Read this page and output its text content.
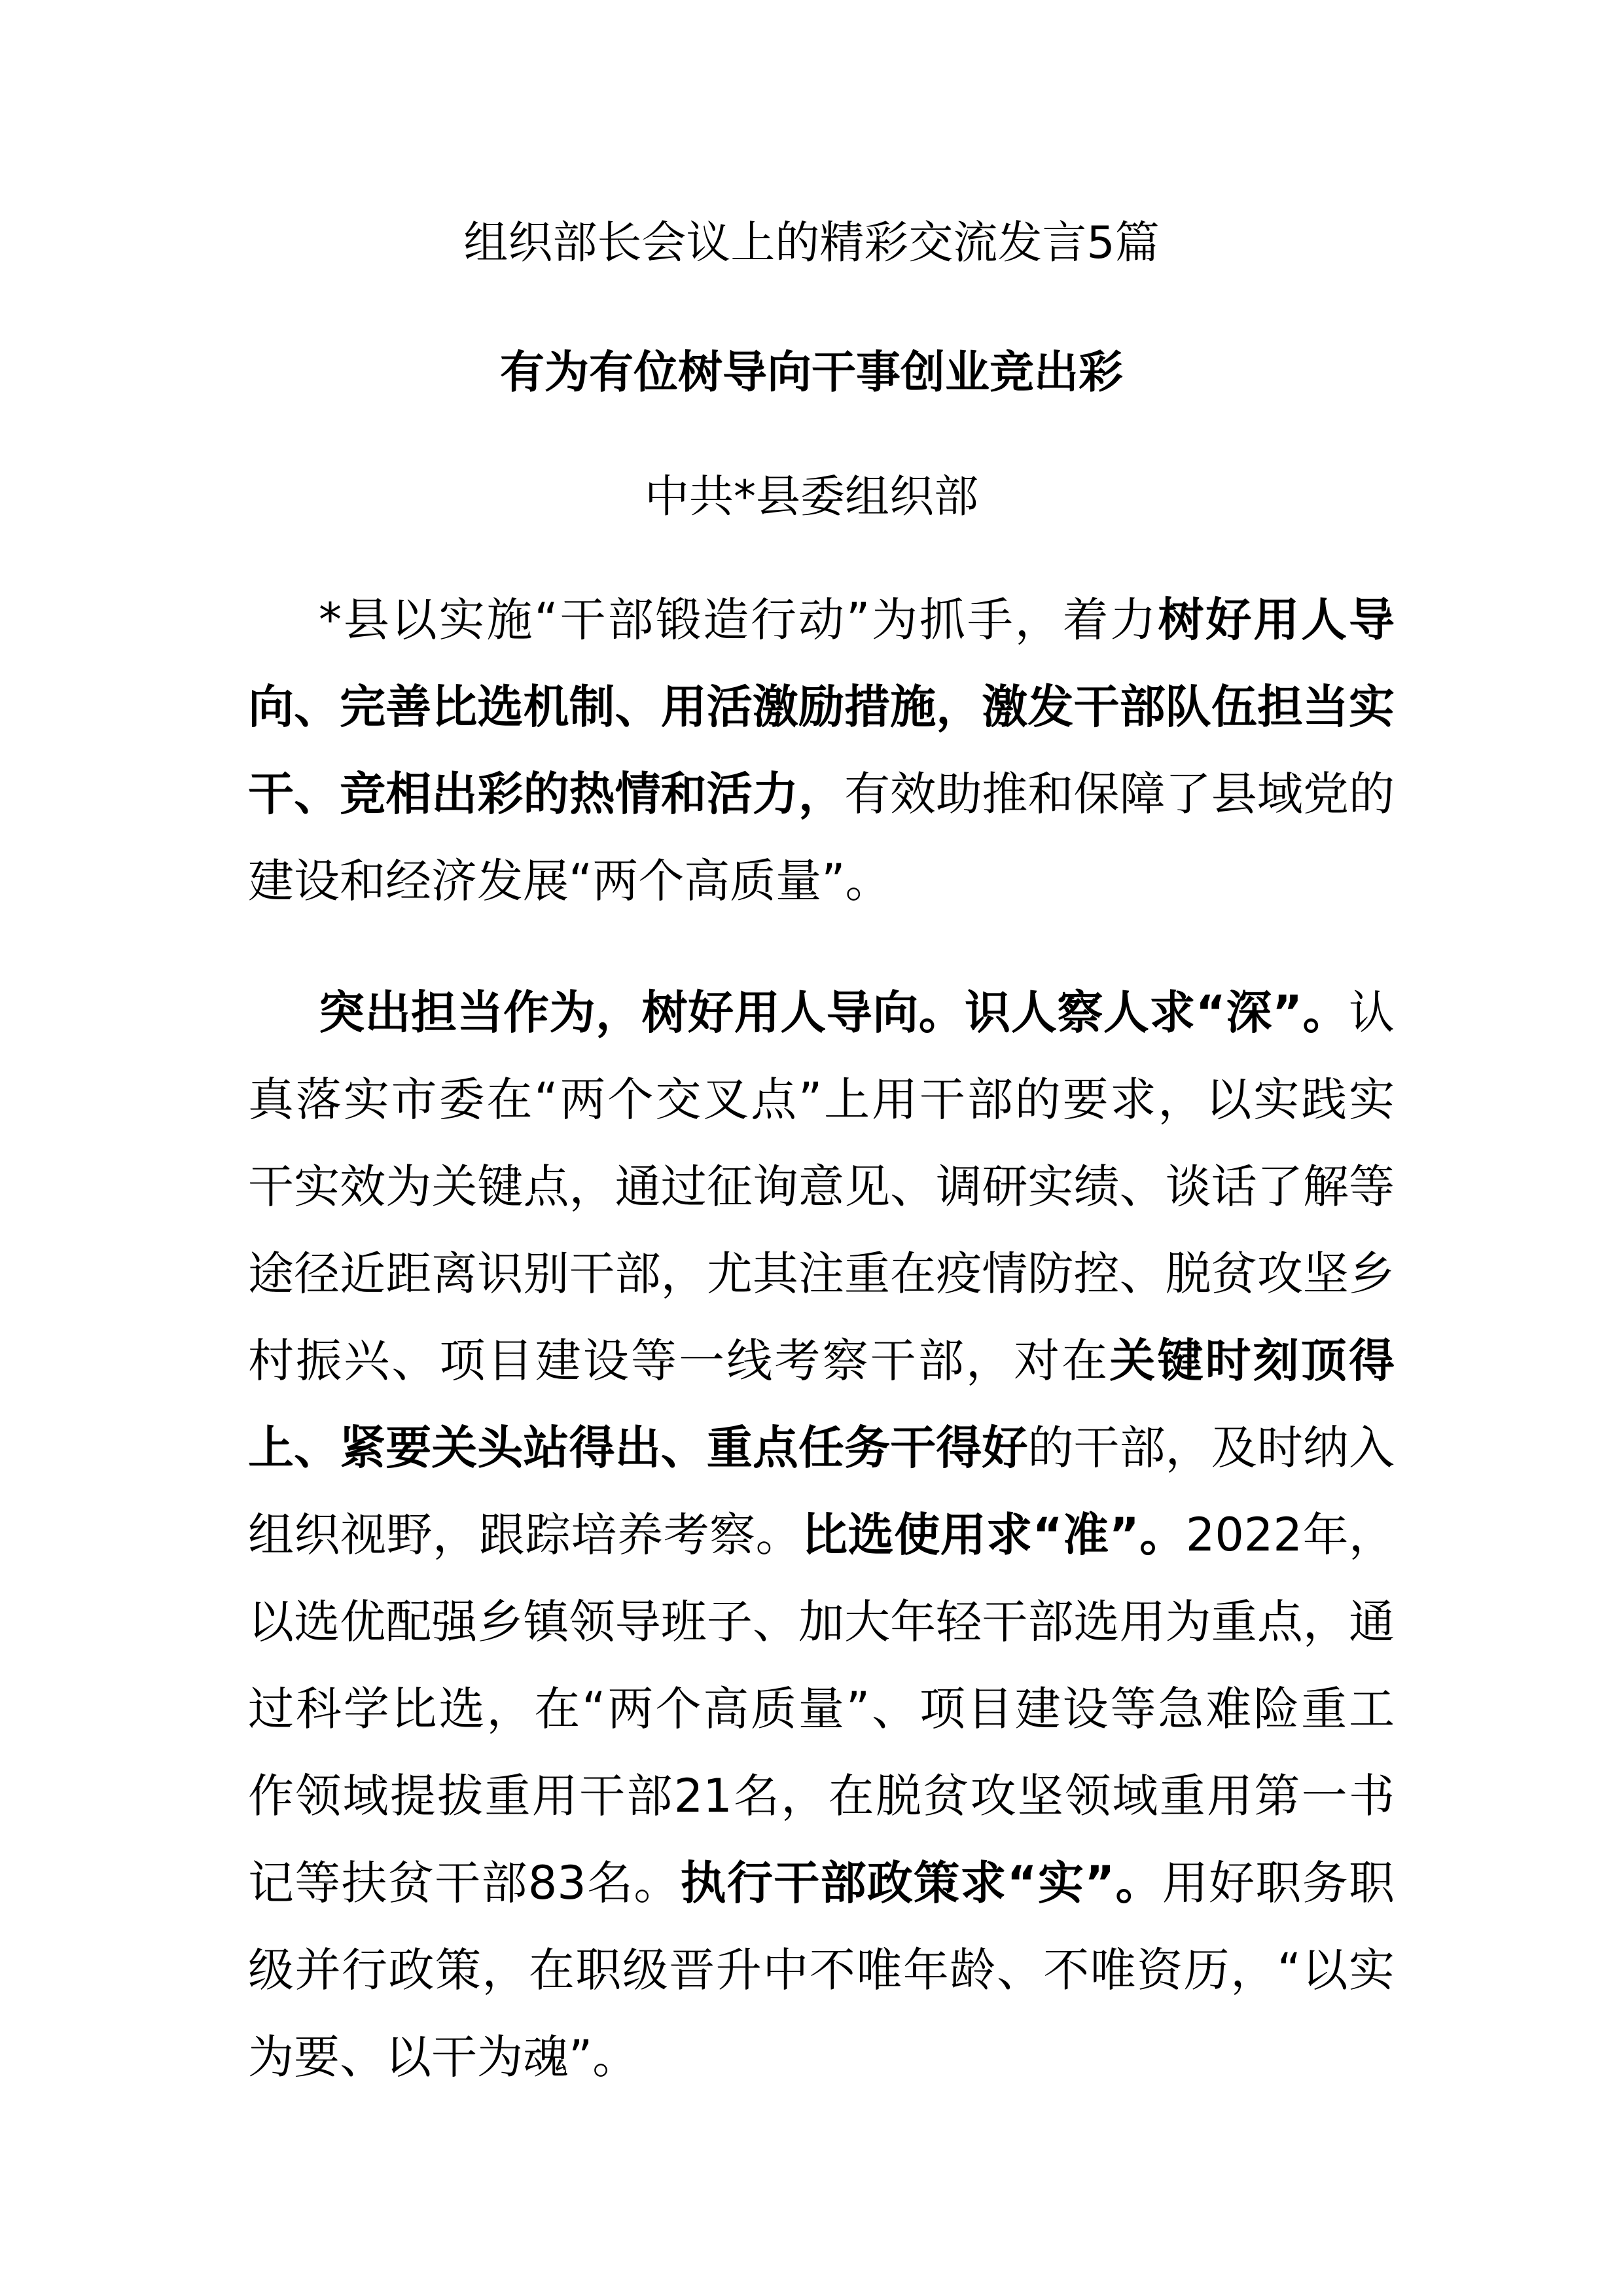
组织部长会议上的精彩交流发言5篇
有为有位树导向干事创业竞出彩

中共*县委组织部

*县以实施“干部锻造行动”为抓手，着力树好用人导向、完善比选机制、用活激励措施，激发干部队伍担当实干、竞相出彩的热情和活力，有效助推和保障了县域党的建设和经济发展“两个高质量”。

突出担当作为，树好用人导向。识人察人求“深”。认真落实市委在“两个交叉点”上用干部的要求，以实践实干实效为关键点，通过征询意见、调研实绩、谈话了解等途径近距离识别干部，尤其注重在疫情防控、脱贫攻坚乡村振兴、项目建设等一线考察干部，对在关键时刻顶得上、紧要关头站得出、重点任务干得好的干部，及时纳入组织视野，跟踪培养考察。比选使用求“准”。2022年，以选优配强乡镇领导班子、加大年轻干部选用为重点，通过科学比选，在“两个高质量”、项目建设等急难险重工作领域提拔重用干部21名，在脱贫攻坚领域重用第一书记等扶贫干部83名。执行干部政策求“实”。用好职务职级并行政策，在职级晋升中不唯年龄、不唯资历，“以实为要、以干为魂”。
